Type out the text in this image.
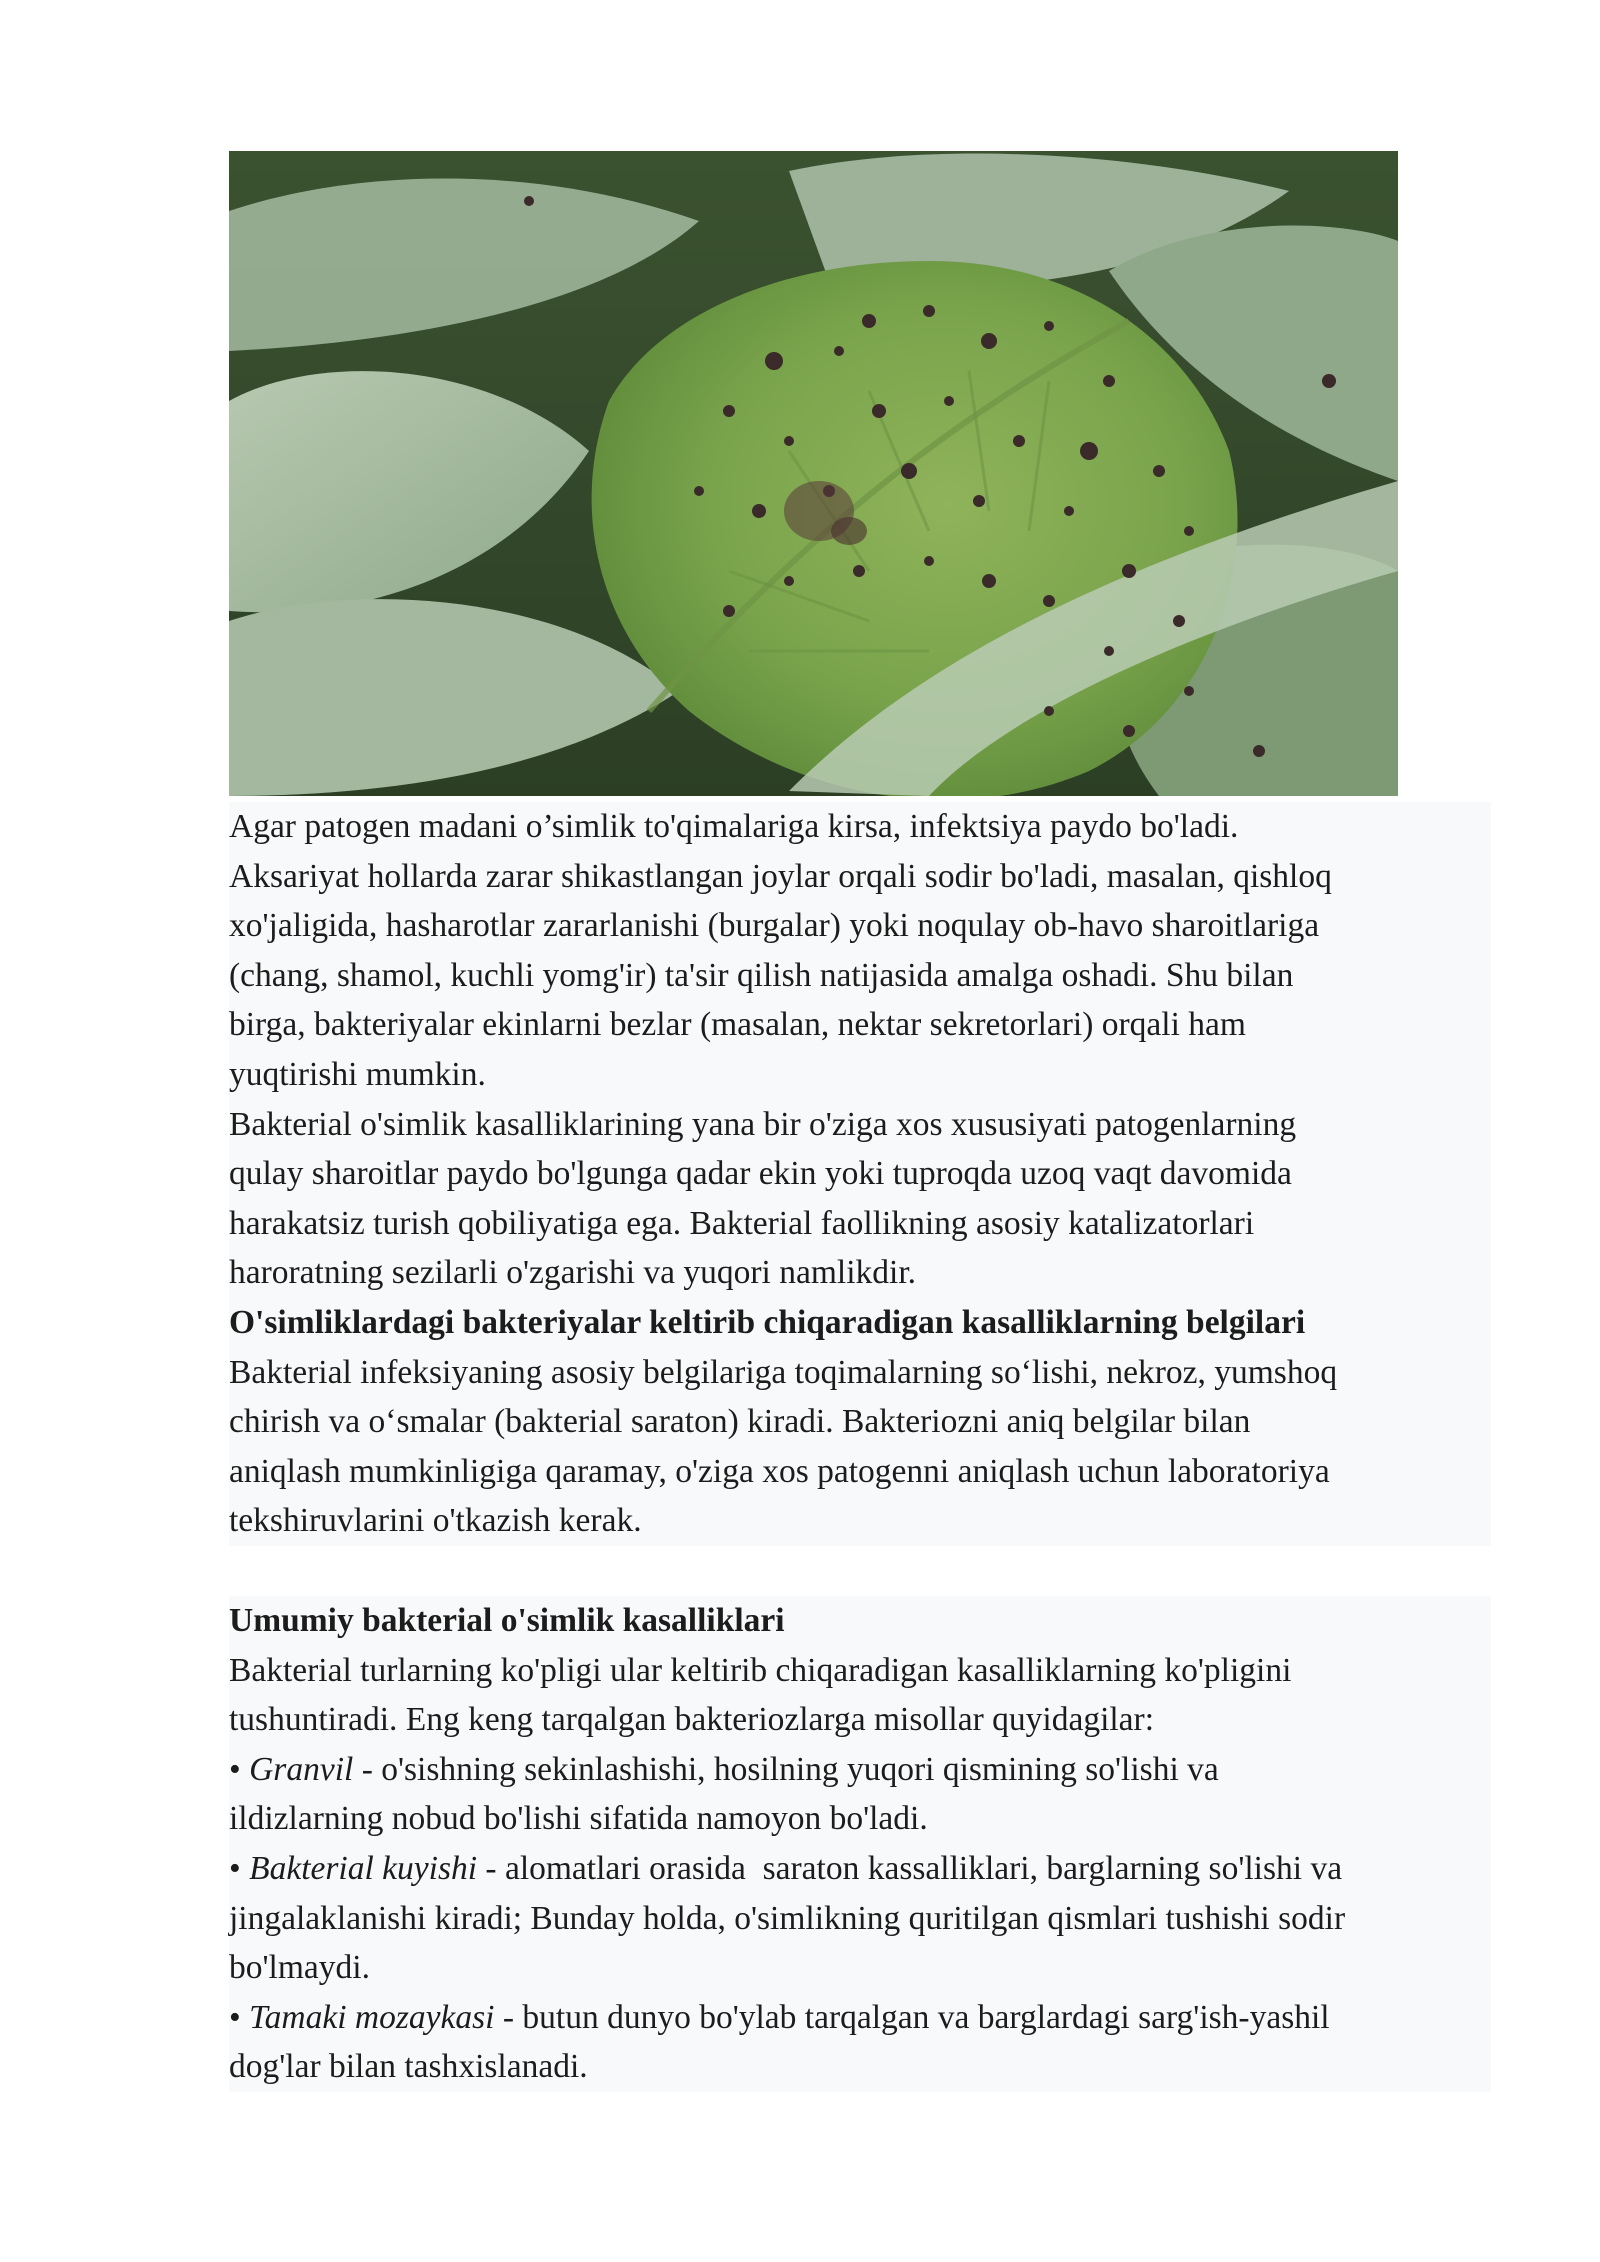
Agar patogen madani o’simlik to'qimalariga kirsa, infektsiya paydo bo'ladi.
Aksariyat hollarda zarar shikastlangan joylar orqali sodir bo'ladi, masalan, qishloq
xo'jaligida, hasharotlar zararlanishi (burgalar) yoki noqulay ob-havo sharoitlariga
(chang, shamol, kuchli yomg'ir) ta'sir qilish natijasida amalga oshadi. Shu bilan
birga, bakteriyalar ekinlarni bezlar (masalan, nektar sekretorlari) orqali ham
yuqtirishi mumkin.
Bakterial o'simlik kasalliklarining yana bir o'ziga xos xususiyati patogenlarning
qulay sharoitlar paydo bo'lgunga qadar ekin yoki tuproqda uzoq vaqt davomida
harakatsiz turish qobiliyatiga ega. Bakterial faollikning asosiy katalizatorlari
haroratning sezilarli o'zgarishi va yuqori namlikdir.
O'simliklardagi bakteriyalar keltirib chiqaradigan kasalliklarning belgilari
Bakterial infeksiyaning asosiy belgilariga toqimalarning so‘lishi, nekroz, yumshoq
chirish va o‘smalar (bakterial saraton) kiradi. Bakteriozni aniq belgilar bilan
aniqlash mumkinligiga qaramay, o'ziga xos patogenni aniqlash uchun laboratoriya
tekshiruvlarini o'tkazish kerak.
Umumiy bakterial o'simlik kasalliklari
Bakterial turlarning ko'pligi ular keltirib chiqaradigan kasalliklarning ko'pligini
tushuntiradi. Eng keng tarqalgan bakteriozlarga misollar quyidagilar:
• Granvil - o'sishning sekinlashishi, hosilning yuqori qismining so'lishi va
ildizlarning nobud bo'lishi sifatida namoyon bo'ladi.
• Bakterial kuyishi - alomatlari orasida  saraton kassalliklari, barglarning so'lishi va
jingalaklanishi kiradi; Bunday holda, o'simlikning quritilgan qismlari tushishi sodir
bo'lmaydi.
• Tamaki mozaykasi - butun dunyo bo'ylab tarqalgan va barglardagi sarg'ish-yashil
dog'lar bilan tashxislanadi.
